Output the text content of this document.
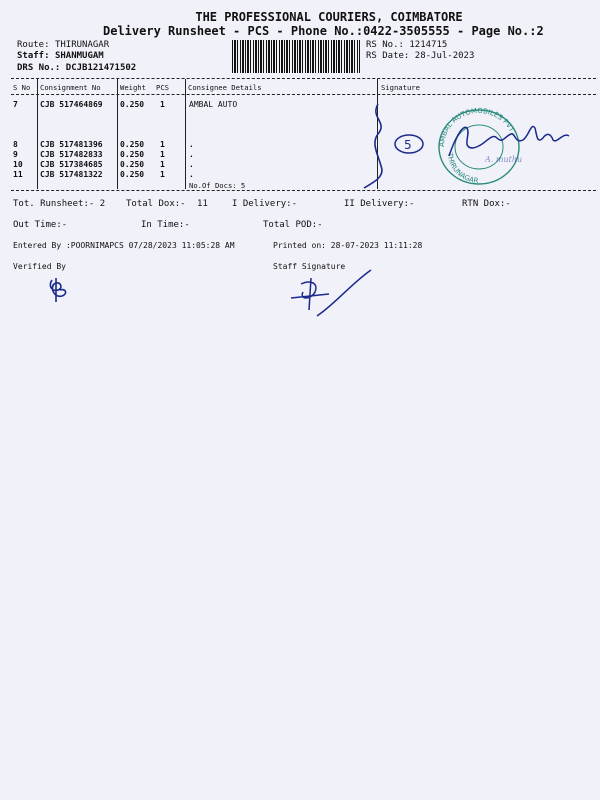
THE PROFESSIONAL COURIERS, COIMBATORE
Delivery Runsheet - PCS - Phone No.:0422-3505555 - Page No.:2
Route: THIRUNAGAR
Staff: SHANMUGAM
DRS No.: DCJB121471502
RS No.: 1214715
RS Date: 28-Jul-2023
S No Consignment No	Weight PCS	Consignee Details	Signature
7	CJB 517464869 0.250 1	AMBAL AUTO
8	CJB 517481396 0.250 1	.
9	CJB 517482833 0.250 1	.
10 CJB 517384685 0.250 1	.
11 CJB 517481322 0.250 1	.
No.Of Docs: 5
5	AMBAL AUTOMOBILES PVT
THIRUNAGAR
A. muthu
Tot. Runsheet:- 2 Total Dox:- 11	I Delivery:-	II Delivery:-	RTN Dox:-
Out Time:-	In Time:-	Total POD:-
Entered By :POORNIMAPCS 07/28/2023 11:05:28 AM	Printed on: 28-07-2023 11:11:28
Verified By	Staff Signature
